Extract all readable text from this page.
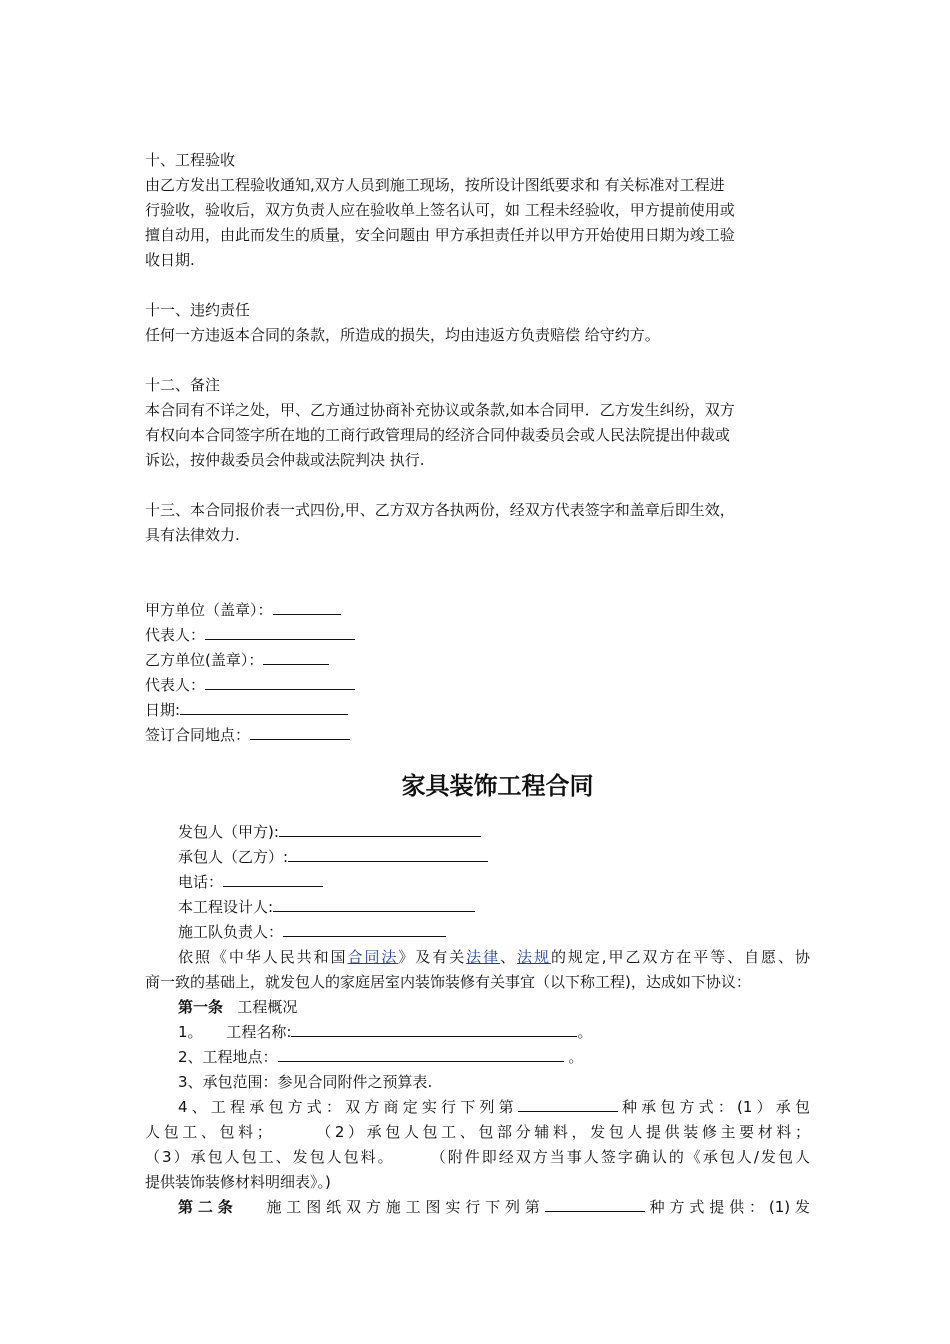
十、工程验收
由乙方发出工程验收通知,双方人员到施工现场，按所设计图纸要求和 有关标准对工程进
行验收，验收后，双方负责人应在验收单上签名认可，如 工程未经验收，甲方提前使用或
擅自动用，由此而发生的质量，安全问题由 甲方承担责任并以甲方开始使用日期为竣工验
收日期.
十一、违约责任
任何一方违返本合同的条款，所造成的损失，均由违返方负责赔偿 给守约方。
十二、备注
本合同有不详之处，甲、乙方通过协商补充协议或条款,如本合同甲．乙方发生纠纷，双方
有权向本合同签字所在地的工商行政管理局的经济合同仲裁委员会或人民法院提出仲裁或
诉讼，按仲裁委员会仲裁或法院判决 执行.
十三、本合同报价表一式四份,甲、乙方双方各执两份，经双方代表签字和盖章后即生效，
具有法律效力.
甲方单位（盖章）：
代表人：
乙方单位(盖章）：
代表人：
日期:
签订合同地点：
家具装饰工程合同
发包人（甲方):
承包人（乙方）:
电话：
本工程设计人:
施工队负责人：
依照《中华人民共和国合同法》及有关法律、法规的规定,甲乙双方在平等、自愿、协
商一致的基础上，就发包人的家庭居室内装饰装修有关事宜（以下称工程)，达成如下协议：
第一条 工程概况
1。 工程名称:	。
2、工程地点：	。
3、承包范围：参见合同附件之预算表.
4、工程承包方式：双方商定实行下列第	种承包方式：(1）承包
人包工、包料；　　　（2）承包人包工、包部分辅料，发包人提供装修主要材料；
（3）承包人包工、发包人包料。　　　（附件即经双方当事人签字确认的《承包人/发包人
提供装饰装修材料明细表》。)
第二条 施工图纸双方施工图实行下列第	种方式提供：(1)发
